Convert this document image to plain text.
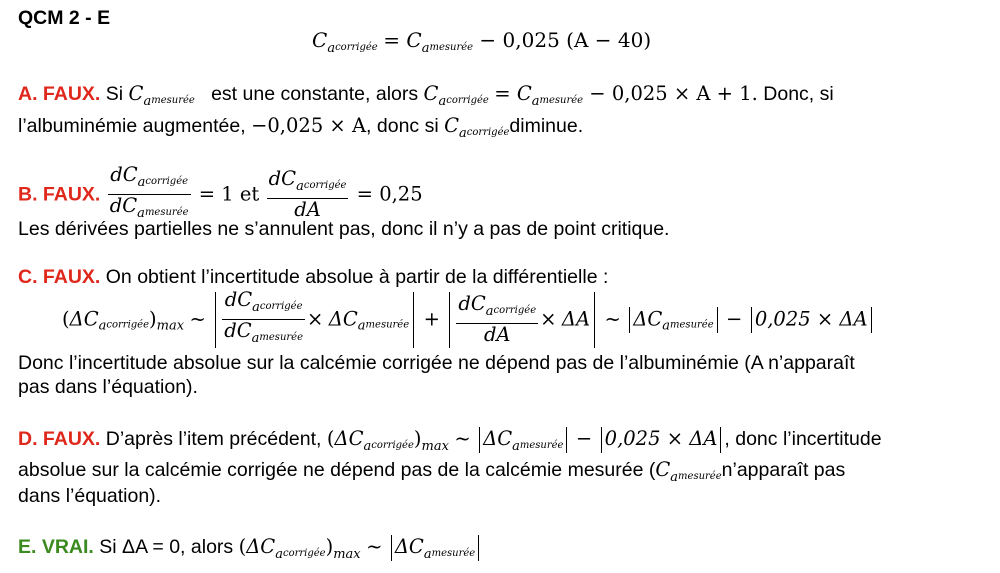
QCM 2 - E
$C_acorrigée$ = $C_amesurée - 0,025$ (A − 40)
A. FAUX. Si $C_amesurée$ est une constante, alors $C_acorrigée$ = $C_amesurée - 0,025 \times A + 1$. Donc, si
l’albuminémie augmentée, −0,025 × A, donc si $C_acorrigéediminue$.
B. FAUX. $\frac{dC_acorrigée}{dC_amesurée} = 1$ et $\frac{dC_acorrigée}{dA} = 0,25$
Les dérivées partielles ne s’annulent pas, donc il n’y a pas de point critique.
C. FAUX. On obtient l’incertitude absolue à partir de la différentielle :
$(\Delta C_acorrigée)_{max}$ ~ $\frac{dC_acorrigée}{dC_amesurée}$ × $\Delta C_amesurée + \frac{dC_acorrigée}{dA} \times \Delta A$ ~ $\Delta C_amesurée - 0,025 \times \Delta A$
Donc l’incertitude absolue sur la calcémie corrigée ne dépend pas de l’albuminémie (A n’apparaît
pas dans l’équation).
D. FAUX. D’après l’item précédent, $(\Delta C_acorrigée)_{max}$ ~ $\Delta C_amesurée - 0,025 \times \Delta A$ , donc l’incertitude
absolue sur la calcémie corrigée ne dépend pas de la calcémie mesurée ($C_amesuréen’apparaît$ pas
dans l’équation).
E. VRAI. Si ΔA = 0, alors $(\Delta C_acorrigée)_{max}$ ~ $\Delta C_amesurée$
